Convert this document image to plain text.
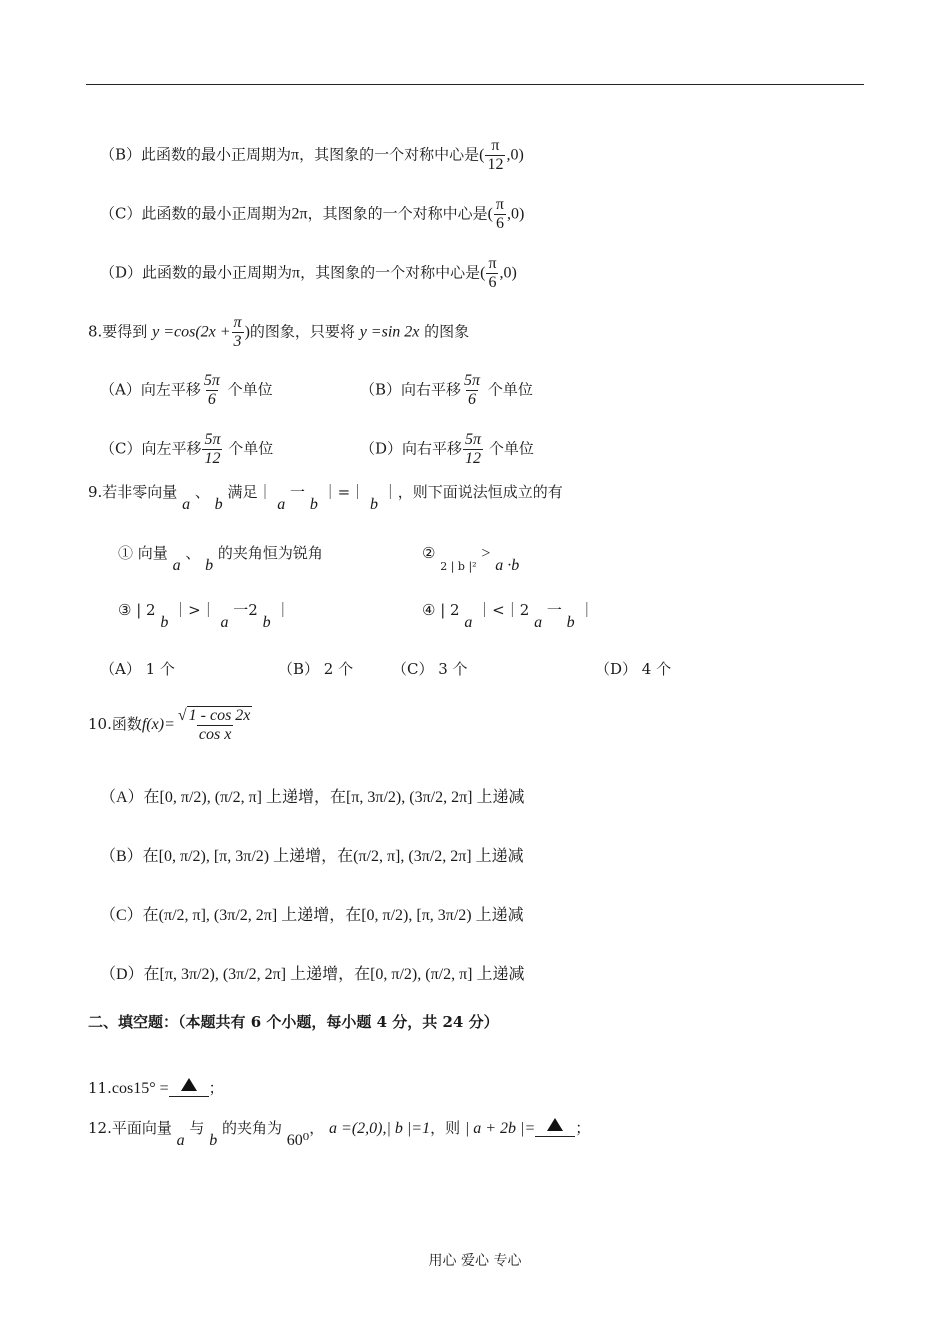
（B）此函数的最小正周期为π，其图象的一个对称中心是( $\frac{\pi}{12} ,0$)
（C）此函数的最小正周期为2π，其图象的一个对称中心是( $\frac{\pi}{6} ,0$)
（D）此函数的最小正周期为π，其图象的一个对称中心是( $\frac{\pi}{6} ,0$)
8.要得到 $y =\cos(2x + \frac{\pi}{3}$ )的图象，只要将 y =sin 2x 的图象
（A）向左平移 $\frac{5\pi}{6}$ 个单位	（B）向右平移 $\frac{5\pi}{6}$ 个单位
（C）向左平移 $\frac{5\pi}{12}$ 个单位	（D）向右平移 $\frac{5\pi}{12}$ 个单位
9.若非零向量 a 、 b 满足｜ a 一 b ｜=｜ b ｜，则下面说法恒成立的有
① 向量 a 、 b 的夹角恒为锐角	② $_{2 | b |^2}$ > a ·b
③ | 2 b ｜>｜ a 一2 b ｜	④ | 2 a ｜<｜2 a 一 b ｜
（A） 1 个	（B） 2 个	（C） 3 个	（D） 4 个
10.函数$f(x)= \frac{√ 1 - \cos 2x}{\text{cos x}}$
（A）在[0, π/2), (π/2, π] 上递增，在[π, 3π/2), (3π/2, 2π] 上递减
（B）在[0, π/2), [π, 3π/2) 上递增，在(π/2, π], (3π/2, 2π] 上递减
（C）在(π/2, π], (3π/2, 2π] 上递增，在[0, π/2), [π, 3π/2) 上递减
（D）在[π, 3π/2), (3π/2, 2π] 上递增，在[0, π/2), (π/2, π] 上递减
二、填空题：（本题共有 6 个小题，每小题 4 分，共 24 分）
11.cos15° =	；
12.平面向量 a 与 b 的夹角为 60⁰， a =(2,0),| b |=1，则 | a + 2b |=	；
用心 爱心 专心
